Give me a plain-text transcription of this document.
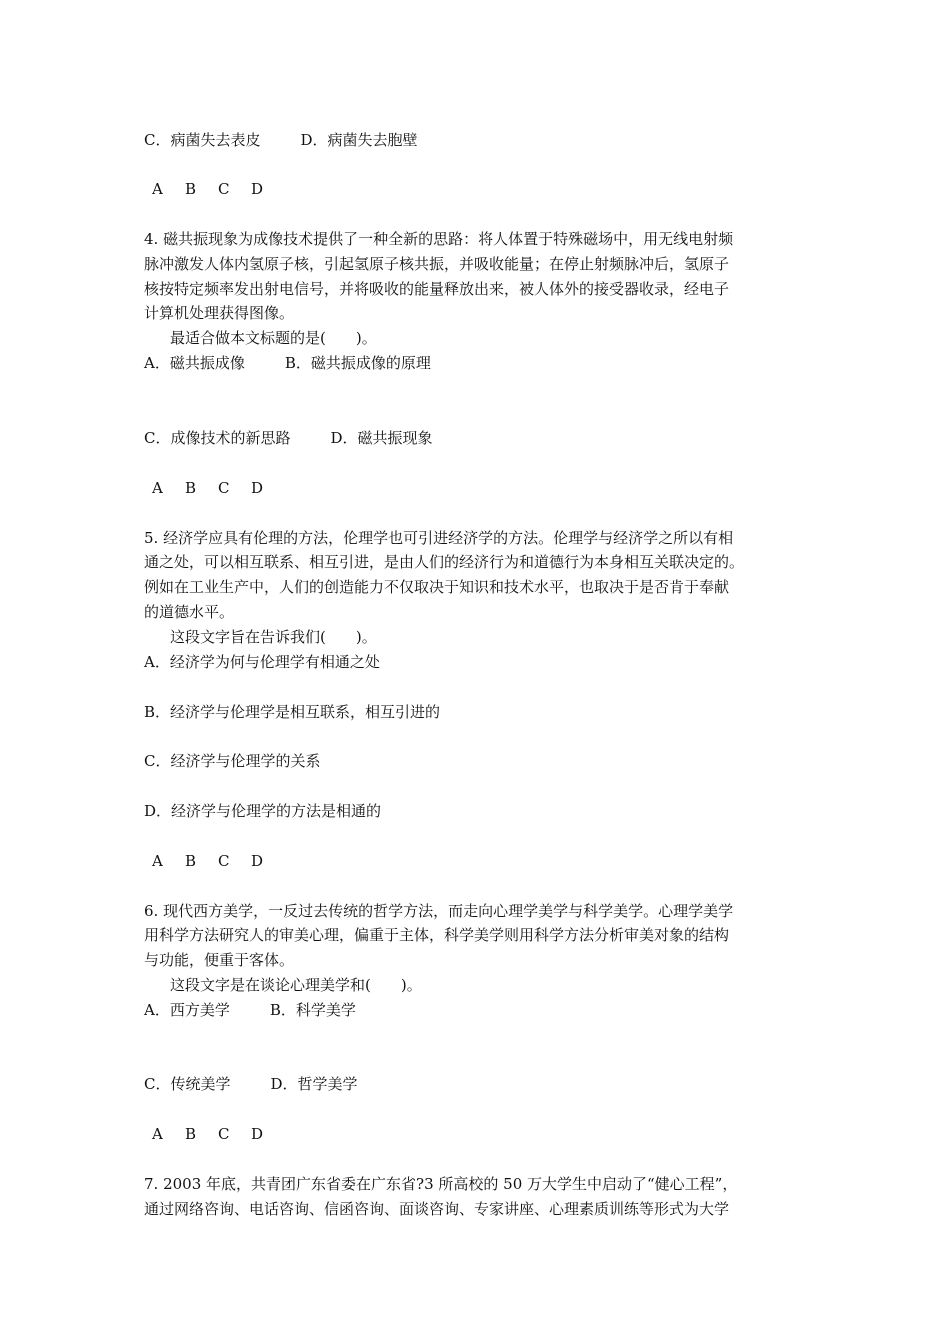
C．病菌失去表皮	D．病菌失去胞壁
A B C D
4. 磁共振现象为成像技术提供了一种全新的思路：将人体置于特殊磁场中，用无线电射频
脉冲激发人体内氢原子核，引起氢原子核共振，并吸收能量；在停止射频脉冲后，氢原子
核按特定频率发出射电信号，并将吸收的能量释放出来，被人体外的接受器收录，经电子
计算机处理获得图像。
最适合做本文标题的是(　　)。
A．磁共振成像	B．磁共振成像的原理
C．成像技术的新思路	D．磁共振现象
A B C D
5. 经济学应具有伦理的方法，伦理学也可引进经济学的方法。伦理学与经济学之所以有相
通之处，可以相互联系、相互引进，是由人们的经济行为和道德行为本身相互关联决定的。
例如在工业生产中，人们的创造能力不仅取决于知识和技术水平，也取决于是否肯于奉献
的道德水平。
这段文字旨在告诉我们(　　)。
A．经济学为何与伦理学有相通之处
B．经济学与伦理学是相互联系，相互引进的
C．经济学与伦理学的关系
D．经济学与伦理学的方法是相通的
A B C D
6. 现代西方美学，一反过去传统的哲学方法，而走向心理学美学与科学美学。心理学美学
用科学方法研究人的审美心理，偏重于主体，科学美学则用科学方法分析审美对象的结构
与功能，便重于客体。
这段文字是在谈论心理美学和(　　)。
A．西方美学	B．科学美学
C．传统美学	D．哲学美学
A B C D
7. 2003 年底，共青团广东省委在广东省?3 所高校的 50 万大学生中启动了“健心工程”，
通过网络咨询、电话咨询、信函咨询、面谈咨询、专家讲座、心理素质训练等形式为大学
